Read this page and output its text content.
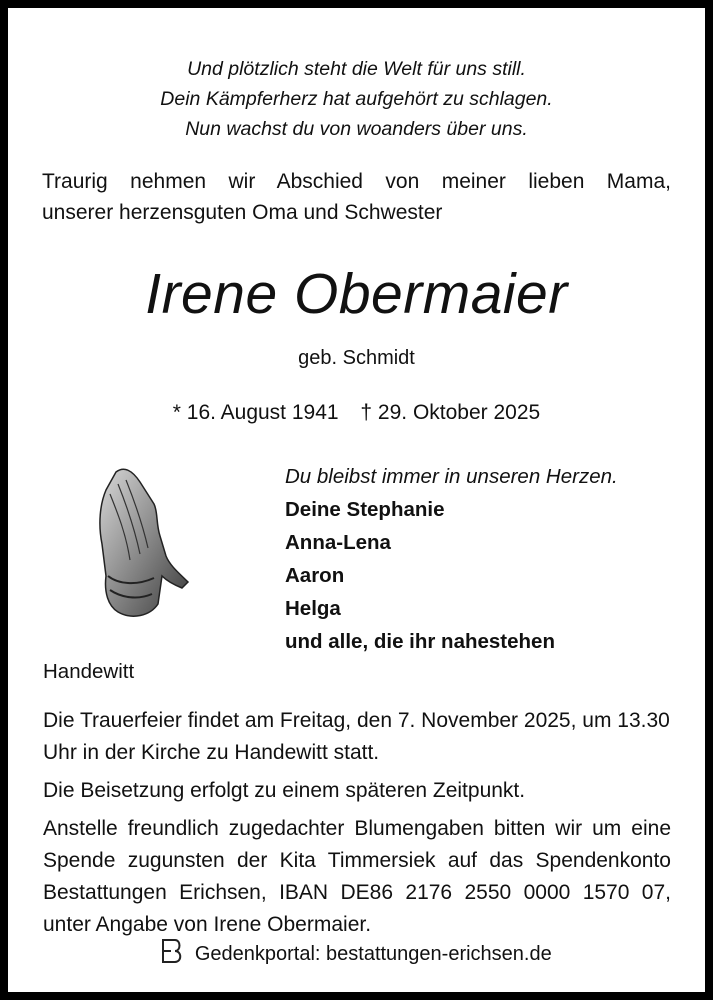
Und plötzlich steht die Welt für uns still.
Dein Kämpferherz hat aufgehört zu schlagen.
Nun wachst du von woanders über uns.
Traurig nehmen wir Abschied von meiner lieben Mama,
unserer herzensguten Oma und Schwester
Irene Obermaier
geb. Schmidt
* 16. August 1941 † 29. Oktober 2025
Du bleibst immer in unseren Herzen.
Deine Stephanie
Anna-Lena
Aaron
Helga
und alle, die ihr nahestehen
Handewitt

Die Trauerfeier findet am Freitag, den 7. November 2025, um 13.30 Uhr in der Kirche zu Handewitt statt.

Die Beisetzung erfolgt zu einem späteren Zeitpunkt.

Anstelle freundlich zugedachter Blumengaben bitten wir um eine Spende zugunsten der Kita Timmersiek auf das Spendenkonto Bestattungen Erichsen, IBAN DE86 2176 2550 0000 1570 07, unter Angabe von Irene Obermaier.

Gedenkportal: bestattungen-erichsen.de
